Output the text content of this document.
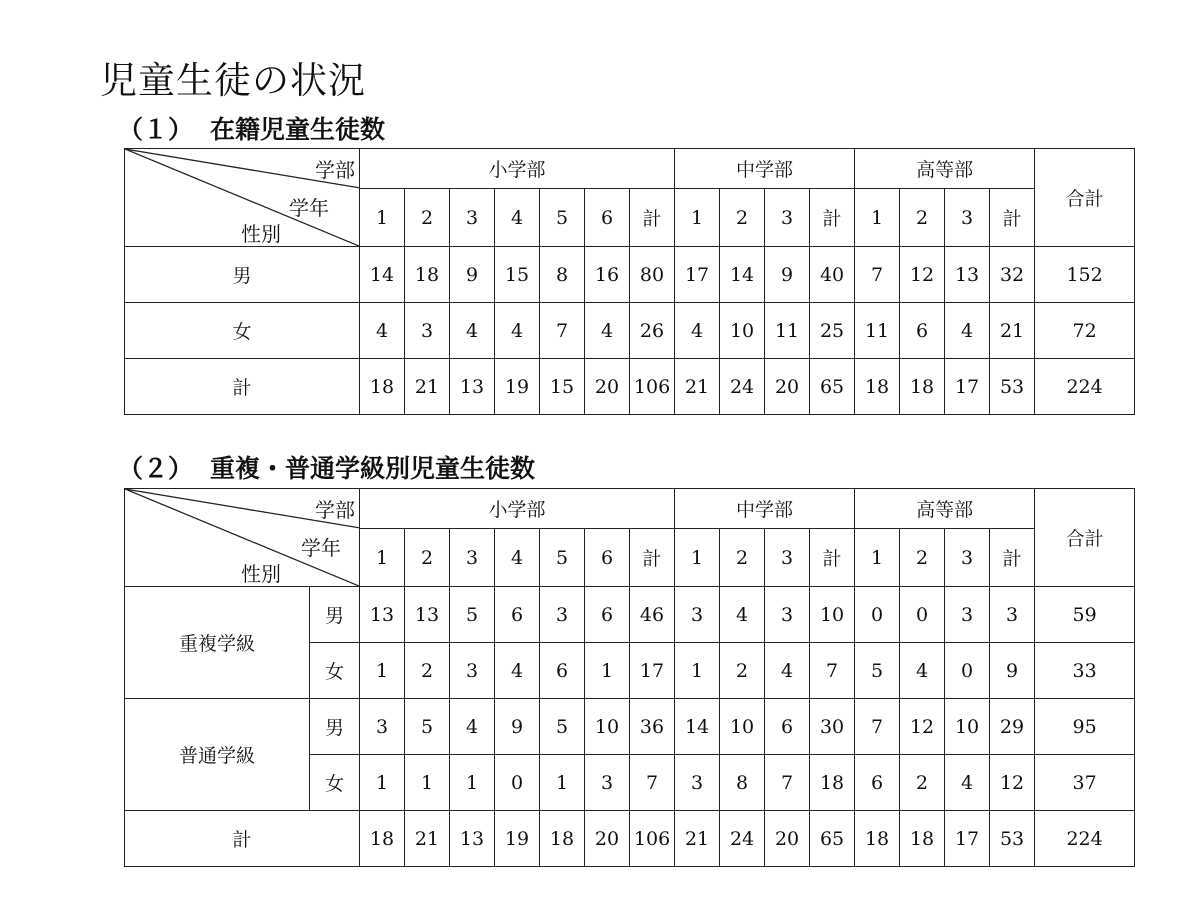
児童生徒の状況
（１） 在籍児童生徒数
学部
学年
性別	小学部							中学部				高等部				合計
	1	2	3	4	5	6	計	1	2	3	計	1	2	3	計	
男	14	18	9	15	8	16	80	17	14	9	40	7	12	13	32	152
女	4	3	4	4	7	4	26	4	10	11	25	11	6	4	21	72
計	18	21	13	19	15	20	106	21	24	20	65	18	18	17	53	224
（２） 重複・普通学級別児童生徒数
学部
学年
性別		小学部							中学部				高等部				合計
		1	2	3	4	5	6	計	1	2	3	計	1	2	3	計	
重複学級	男	13	13	5	6	3	6	46	3	4	3	10	0	0	3	3	59
	女	1	2	3	4	6	1	17	1	2	4	7	5	4	0	9	33
普通学級	男	3	5	4	9	5	10	36	14	10	6	30	7	12	10	29	95
	女	1	1	1	0	1	3	7	3	8	7	18	6	2	4	12	37
計		18	21	13	19	18	20	106	21	24	20	65	18	18	17	53	224
